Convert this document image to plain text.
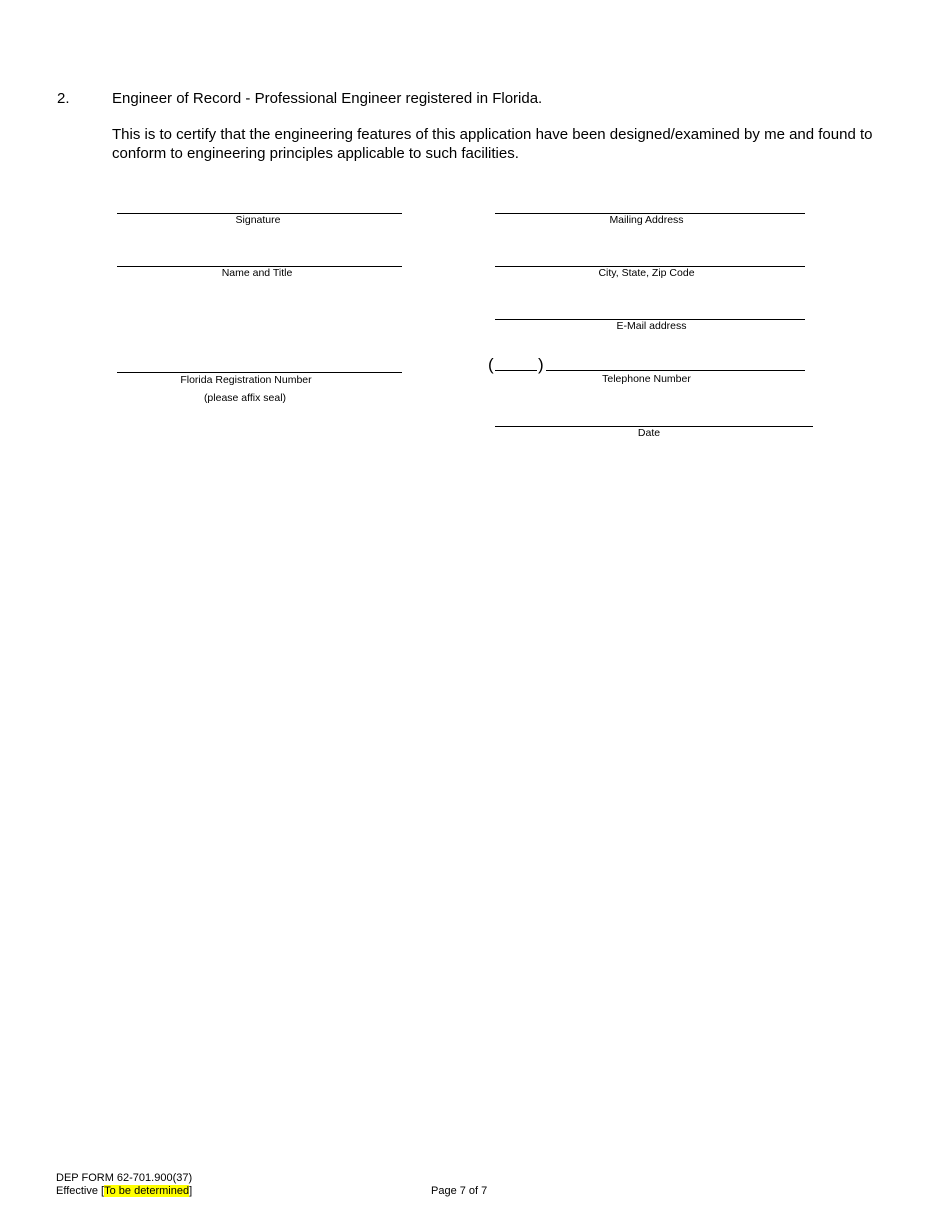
2.	Engineer of Record - Professional Engineer registered in Florida.
This is to certify that the engineering features of this application have been designed/examined by me and found to conform to engineering principles applicable to such facilities.
Signature
Name and Title
Florida Registration Number
(please affix seal)
Mailing Address
City, State, Zip Code
E-Mail address
(	)
Telephone Number
Date
DEP FORM 62-701.900(37)
Effective [To be determined]	Page 7 of 7
